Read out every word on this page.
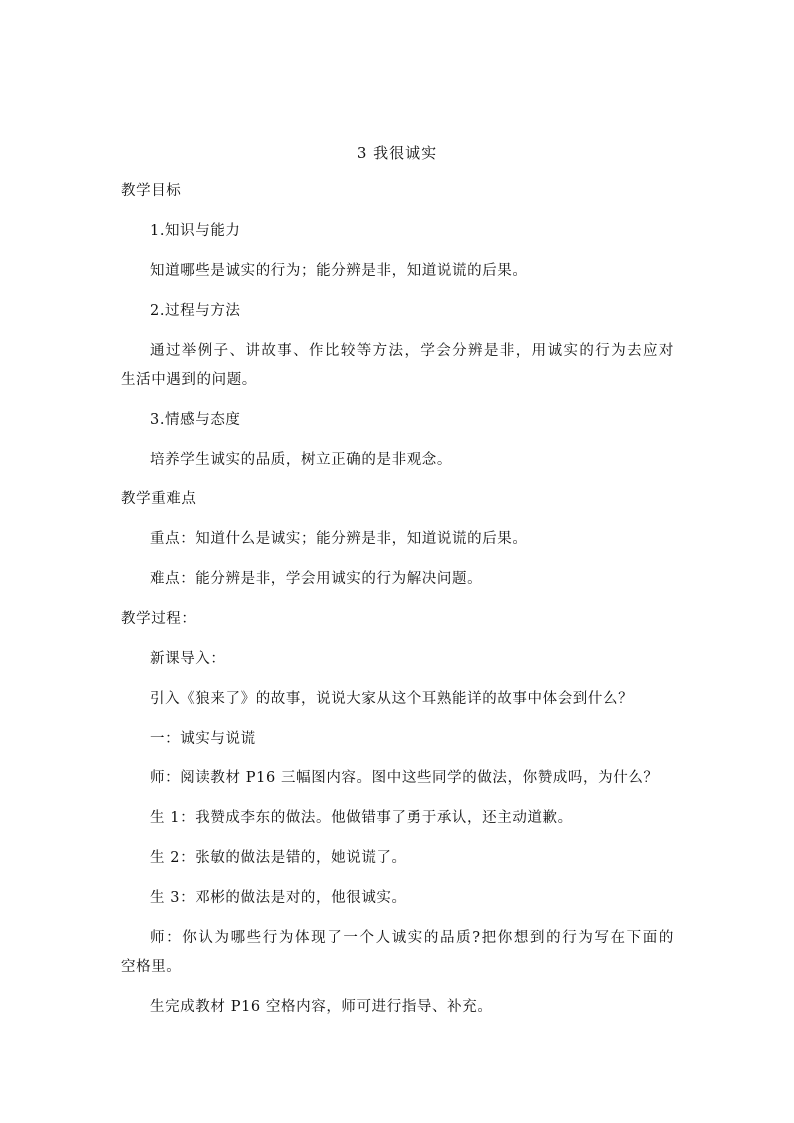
3 我很诚实
教学目标
1.知识与能力
知道哪些是诚实的行为；能分辨是非，知道说谎的后果。
2.过程与方法
通过举例子、讲故事、作比较等方法，学会分辨是非，用诚实的行为去应对
生活中遇到的问题。
3.情感与态度
培养学生诚实的品质，树立正确的是非观念。
教学重难点
重点：知道什么是诚实；能分辨是非，知道说谎的后果。
难点：能分辨是非，学会用诚实的行为解决问题。
教学过程：
新课导入：
引入《狼来了》的故事，说说大家从这个耳熟能详的故事中体会到什么？
一：诚实与说谎
师：阅读教材 P16 三幅图内容。图中这些同学的做法，你赞成吗，为什么？
生 1：我赞成李东的做法。他做错事了勇于承认，还主动道歉。
生 2：张敏的做法是错的，她说谎了。
生 3：邓彬的做法是对的，他很诚实。
师：你认为哪些行为体现了一个人诚实的品质?把你想到的行为写在下面的
空格里。
生完成教材 P16 空格内容，师可进行指导、补充。
